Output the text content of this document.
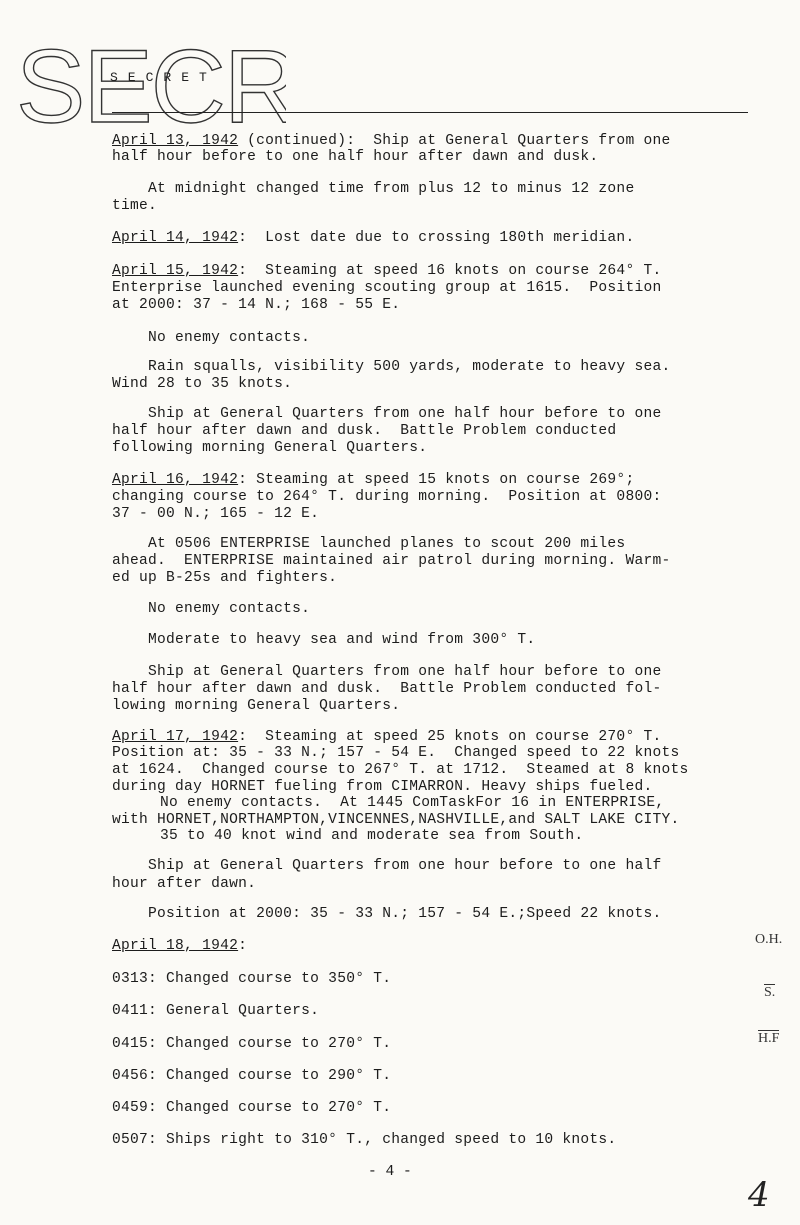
SECR
SECRET
April 13, 1942 (continued):  Ship at General Quarters from one
half hour before to one half hour after dawn and dusk.
At midnight changed time from plus 12 to minus 12 zone
time.
April 14, 1942:  Lost date due to crossing 180th meridian.
April 15, 1942:  Steaming at speed 16 knots on course 264° T.
Enterprise launched evening scouting group at 1615.  Position
at 2000: 37 - 14 N.; 168 - 55 E.
No enemy contacts.
Rain squalls, visibility 500 yards, moderate to heavy sea.
Wind 28 to 35 knots.
Ship at General Quarters from one half hour before to one
half hour after dawn and dusk.  Battle Problem conducted
following morning General Quarters.
April 16, 1942: Steaming at speed 15 knots on course 269°;
changing course to 264° T. during morning.  Position at 0800:
37 - 00 N.; 165 - 12 E.
At 0506 ENTERPRISE launched planes to scout 200 miles
ahead.  ENTERPRISE maintained air patrol during morning. Warm-
ed up B-25s and fighters.
No enemy contacts.
Moderate to heavy sea and wind from 300° T.
Ship at General Quarters from one half hour before to one
half hour after dawn and dusk.  Battle Problem conducted fol-
lowing morning General Quarters.
April 17, 1942:  Steaming at speed 25 knots on course 270° T.
Position at: 35 - 33 N.; 157 - 54 E.  Changed speed to 22 knots
at 1624.  Changed course to 267° T. at 1712.  Steamed at 8 knots
during day HORNET fueling from CIMARRON. Heavy ships fueled.
No enemy contacts.  At 1445 ComTaskFor 16 in ENTERPRISE,
with HORNET,NORTHAMPTON,VINCENNES,NASHVILLE,and SALT LAKE CITY.
35 to 40 knot wind and moderate sea from South.
Ship at General Quarters from one hour before to one half
hour after dawn.
Position at 2000: 35 - 33 N.; 157 - 54 E.;Speed 22 knots.
April 18, 1942:
0313: Changed course to 350° T.
0411: General Quarters.
0415: Changed course to 270° T.
0456: Changed course to 290° T.
0459: Changed course to 270° T.
0507: Ships right to 310° T., changed speed to 10 knots.
O.H.
S.
H.F
- 4 -
4
